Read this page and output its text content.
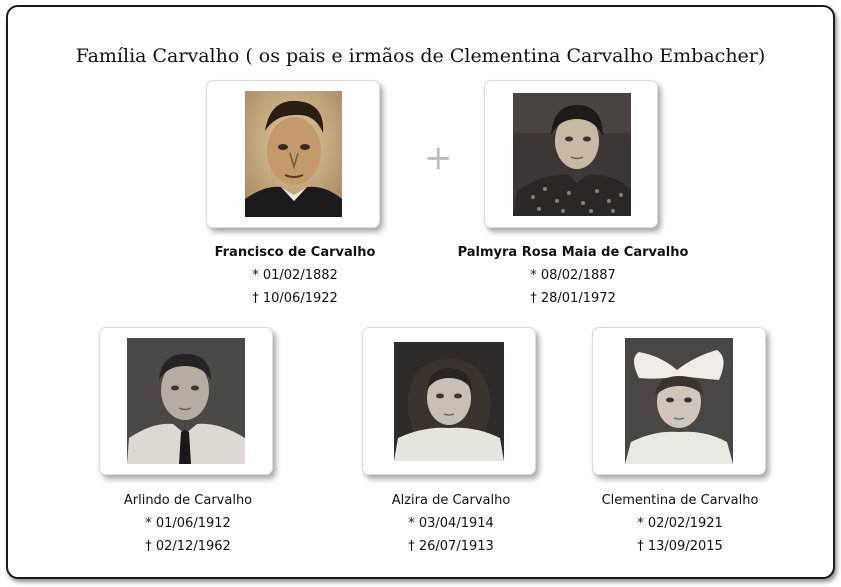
Família Carvalho ( os pais e irmãos de Clementina Carvalho Embacher)
+
Francisco de Carvalho
* 01/02/1882
† 10/06/1922
Palmyra Rosa Maia de Carvalho
* 08/02/1887
† 28/01/1972
Arlindo de Carvalho
* 01/06/1912
† 02/12/1962
Alzira de Carvalho
* 03/04/1914
† 26/07/1913
Clementina de Carvalho
* 02/02/1921
† 13/09/2015
